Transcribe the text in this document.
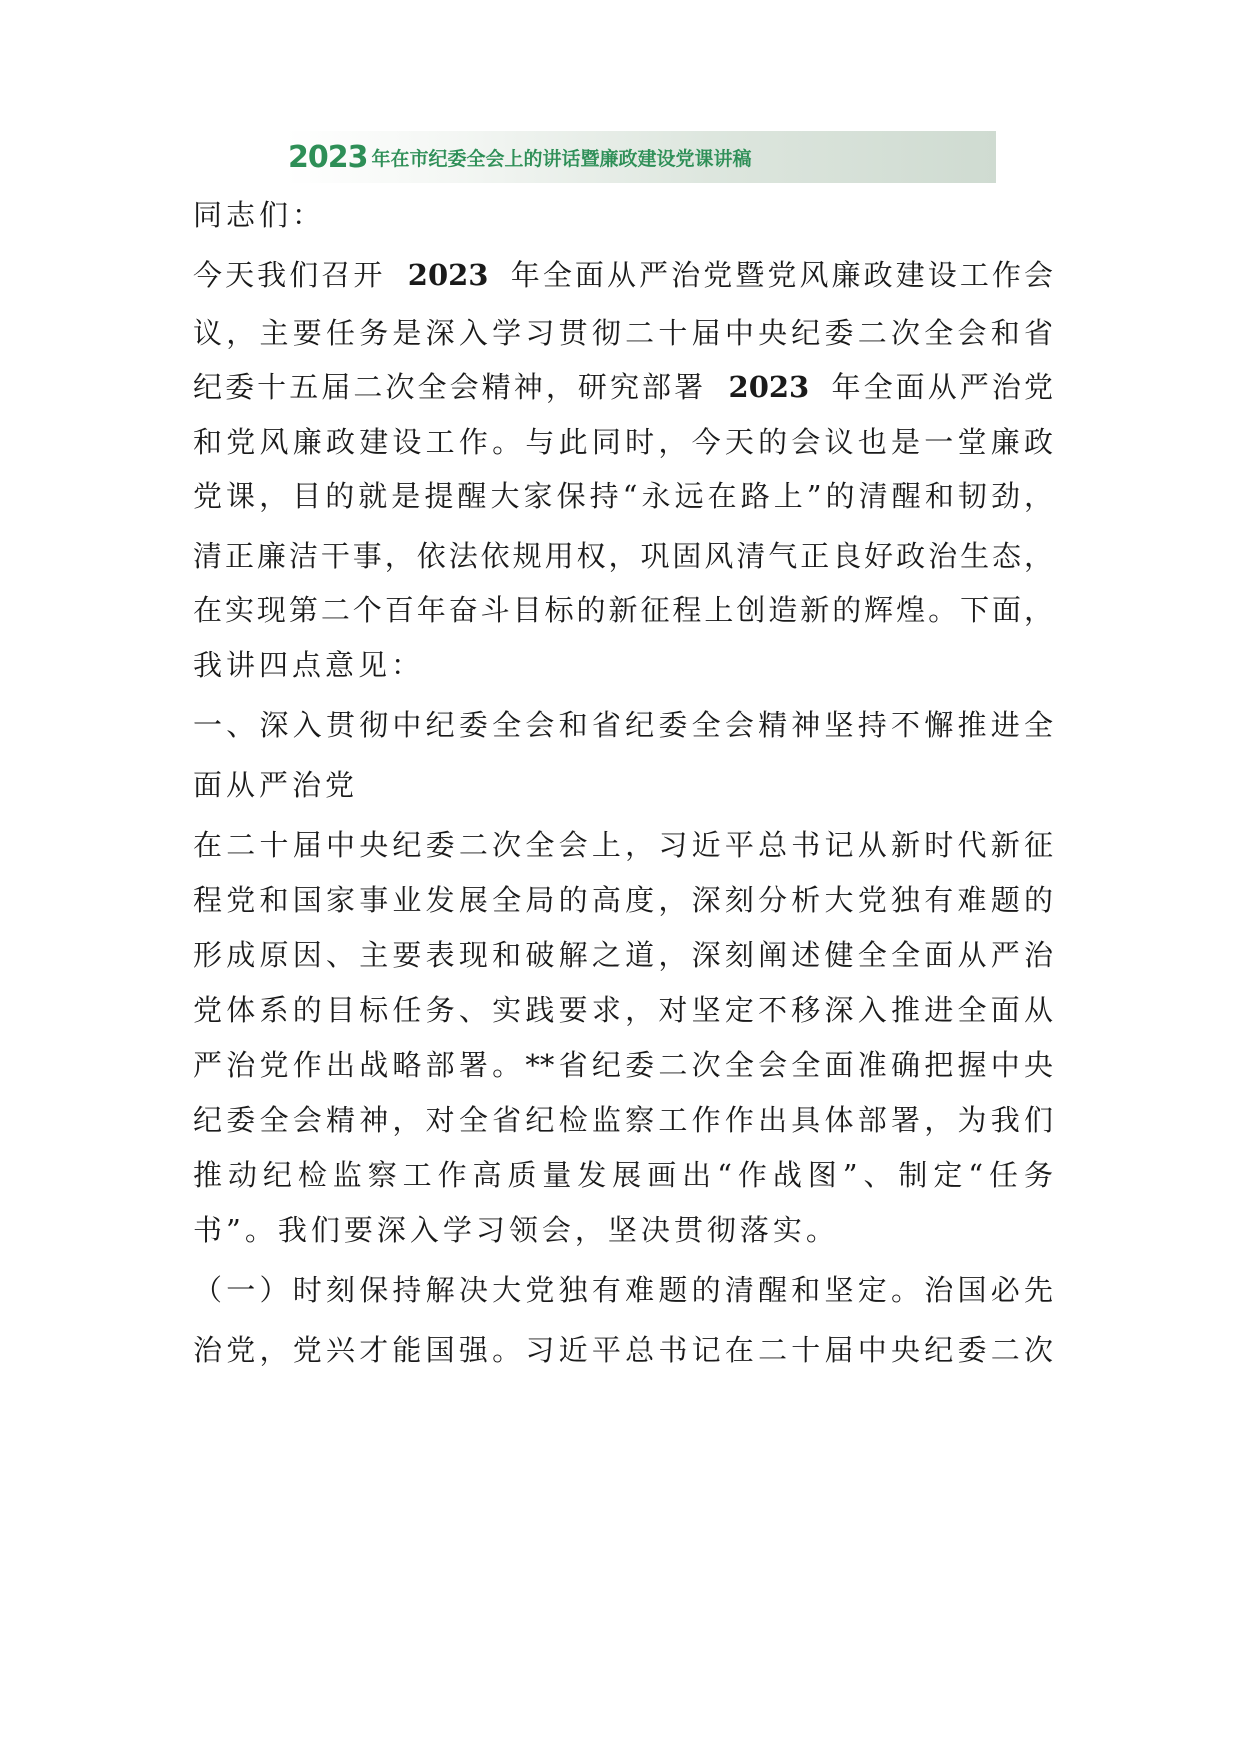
2023 年在市纪委全会上的讲话暨廉政建设党课讲稿
同志们：
今天我们召开 2023 年全面从严治党暨党风廉政建设工作会
议，主要任务是深入学习贯彻二十届中央纪委二次全会和省
纪委十五届二次全会精神，研究部署 2023 年全面从严治党
和党风廉政建设工作。与此同时，今天的会议也是一堂廉政
党课，目的就是提醒大家保持“永远在路上”的清醒和韧劲，
清正廉洁干事，依法依规用权，巩固风清气正良好政治生态，
在实现第二个百年奋斗目标的新征程上创造新的辉煌。下面，
我讲四点意见：
一、深入贯彻中纪委全会和省纪委全会精神坚持不懈推进全
面从严治党
在二十届中央纪委二次全会上，习近平总书记从新时代新征
程党和国家事业发展全局的高度，深刻分析大党独有难题的
形成原因、主要表现和破解之道，深刻阐述健全全面从严治
党体系的目标任务、实践要求，对坚定不移深入推进全面从
严治党作出战略部署。**省纪委二次全会全面准确把握中央
纪委全会精神，对全省纪检监察工作作出具体部署，为我们
推动纪检监察工作高质量发展画出“作战图”、制定“任务
书”。我们要深入学习领会，坚决贯彻落实。
（一）时刻保持解决大党独有难题的清醒和坚定。治国必先
治党，党兴才能国强。习近平总书记在二十届中央纪委二次
